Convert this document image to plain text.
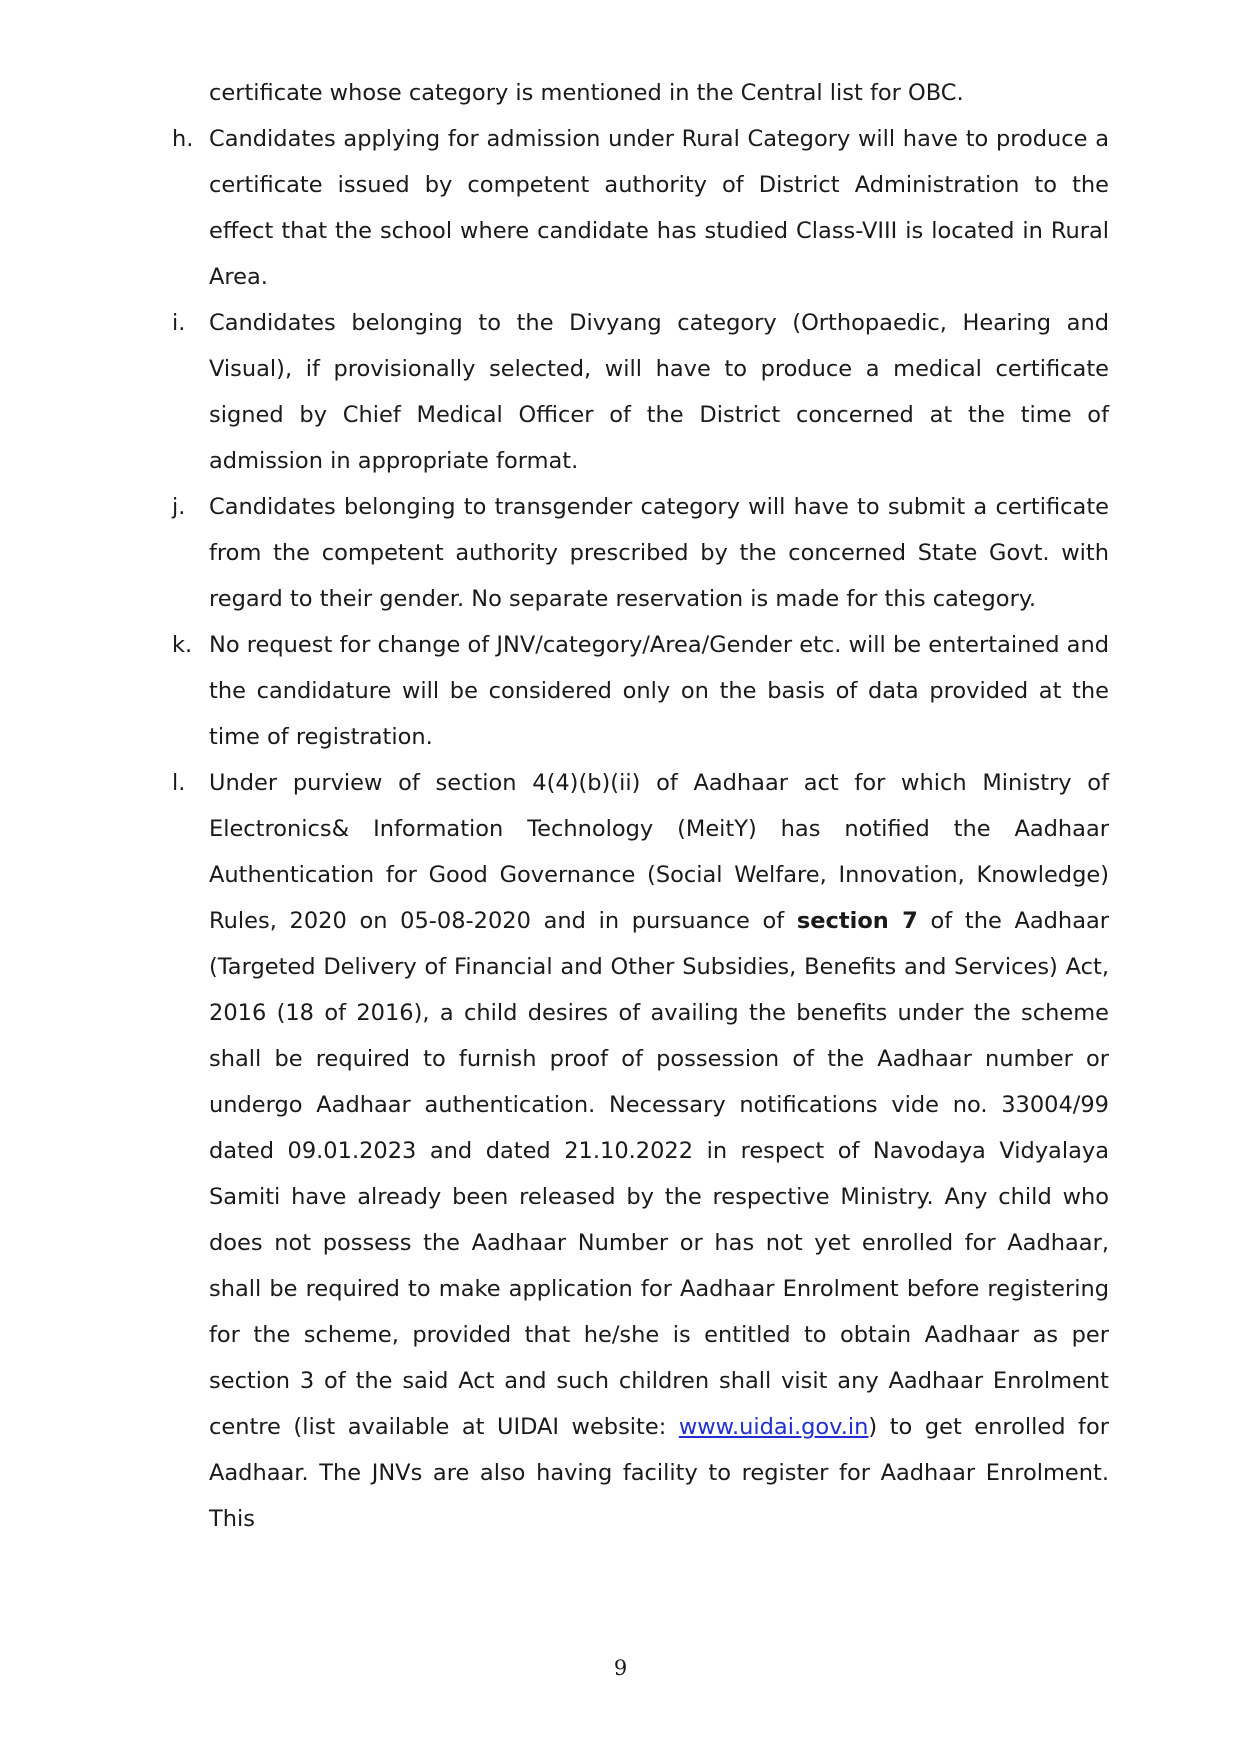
certificate whose category is mentioned in the Central list for OBC.

h. Candidates applying for admission under Rural Category will have to produce a certificate issued by competent authority of District Administration to the effect that the school where candidate has studied Class-VIII is located in Rural Area.
i.	Candidates belonging to the Divyang category (Orthopaedic, Hearing and Visual), if provisionally selected, will have to produce a medical certificate signed by Chief Medical Officer of the District concerned at the time of admission in appropriate format.
j.	Candidates belonging to transgender category will have to submit a certificate from the competent authority prescribed by the concerned State Govt. with regard to their gender. No separate reservation is made for this category.
k. No request for change of JNV/category/Area/Gender etc. will be entertained and the candidature will be considered only on the basis of data provided at the time of registration.
l.	Under purview of section 4(4)(b)(ii) of Aadhaar act for which Ministry of Electronics& Information Technology (MeitY) has notified the Aadhaar Authentication for Good Governance (Social Welfare, Innovation, Knowledge) Rules, 2020 on 05-08-2020 and in pursuance of section 7 of the Aadhaar (Targeted Delivery of Financial and Other Subsidies, Benefits and Services) Act, 2016 (18 of 2016), a child desires of availing the benefits under the scheme shall be required to furnish proof of possession of the Aadhaar number or undergo Aadhaar authentication. Necessary notifications vide no. 33004/99 dated 09.01.2023 and dated 21.10.2022 in respect of Navodaya Vidyalaya Samiti have already been released by the respective Ministry. Any child who does not possess the Aadhaar Number or has not yet enrolled for Aadhaar, shall be required to make application for Aadhaar Enrolment before registering for the scheme, provided that he/she is entitled to obtain Aadhaar as per section 3 of the said Act and such children shall visit any Aadhaar Enrolment centre (list available at UIDAI website: www.uidai.gov.in) to get enrolled for Aadhaar. The JNVs are also having facility to register for Aadhaar Enrolment. This
9
